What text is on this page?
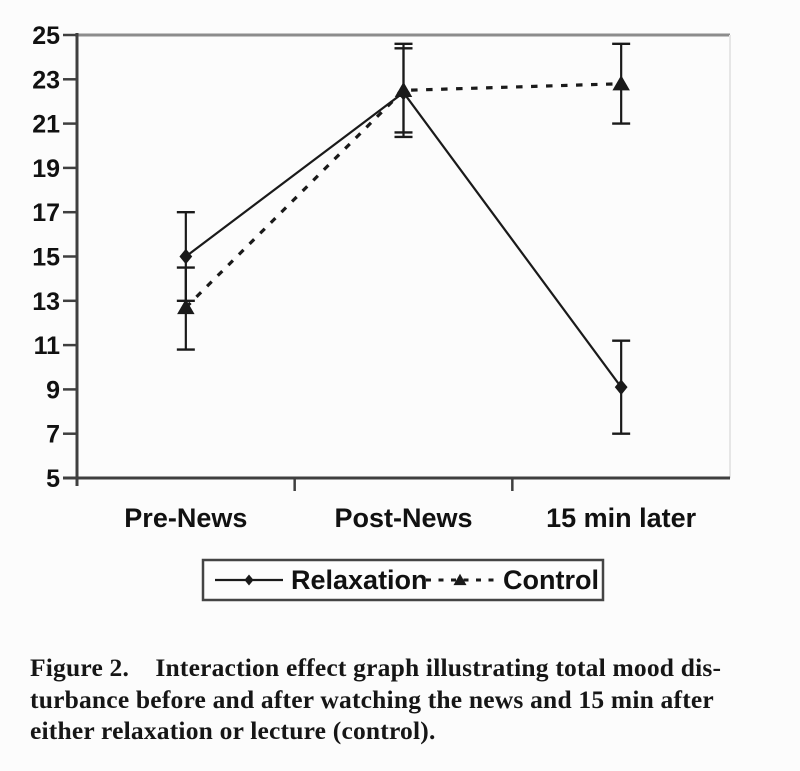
5
7
9
11
13
15
17
19
21
23
25
Pre-News	Post-News	15 min later
Relaxation	Control
Figure 2.    Interaction effect graph illustrating total mood dis-
turbance before and after watching the news and 15 min after
either relaxation or lecture (control).
